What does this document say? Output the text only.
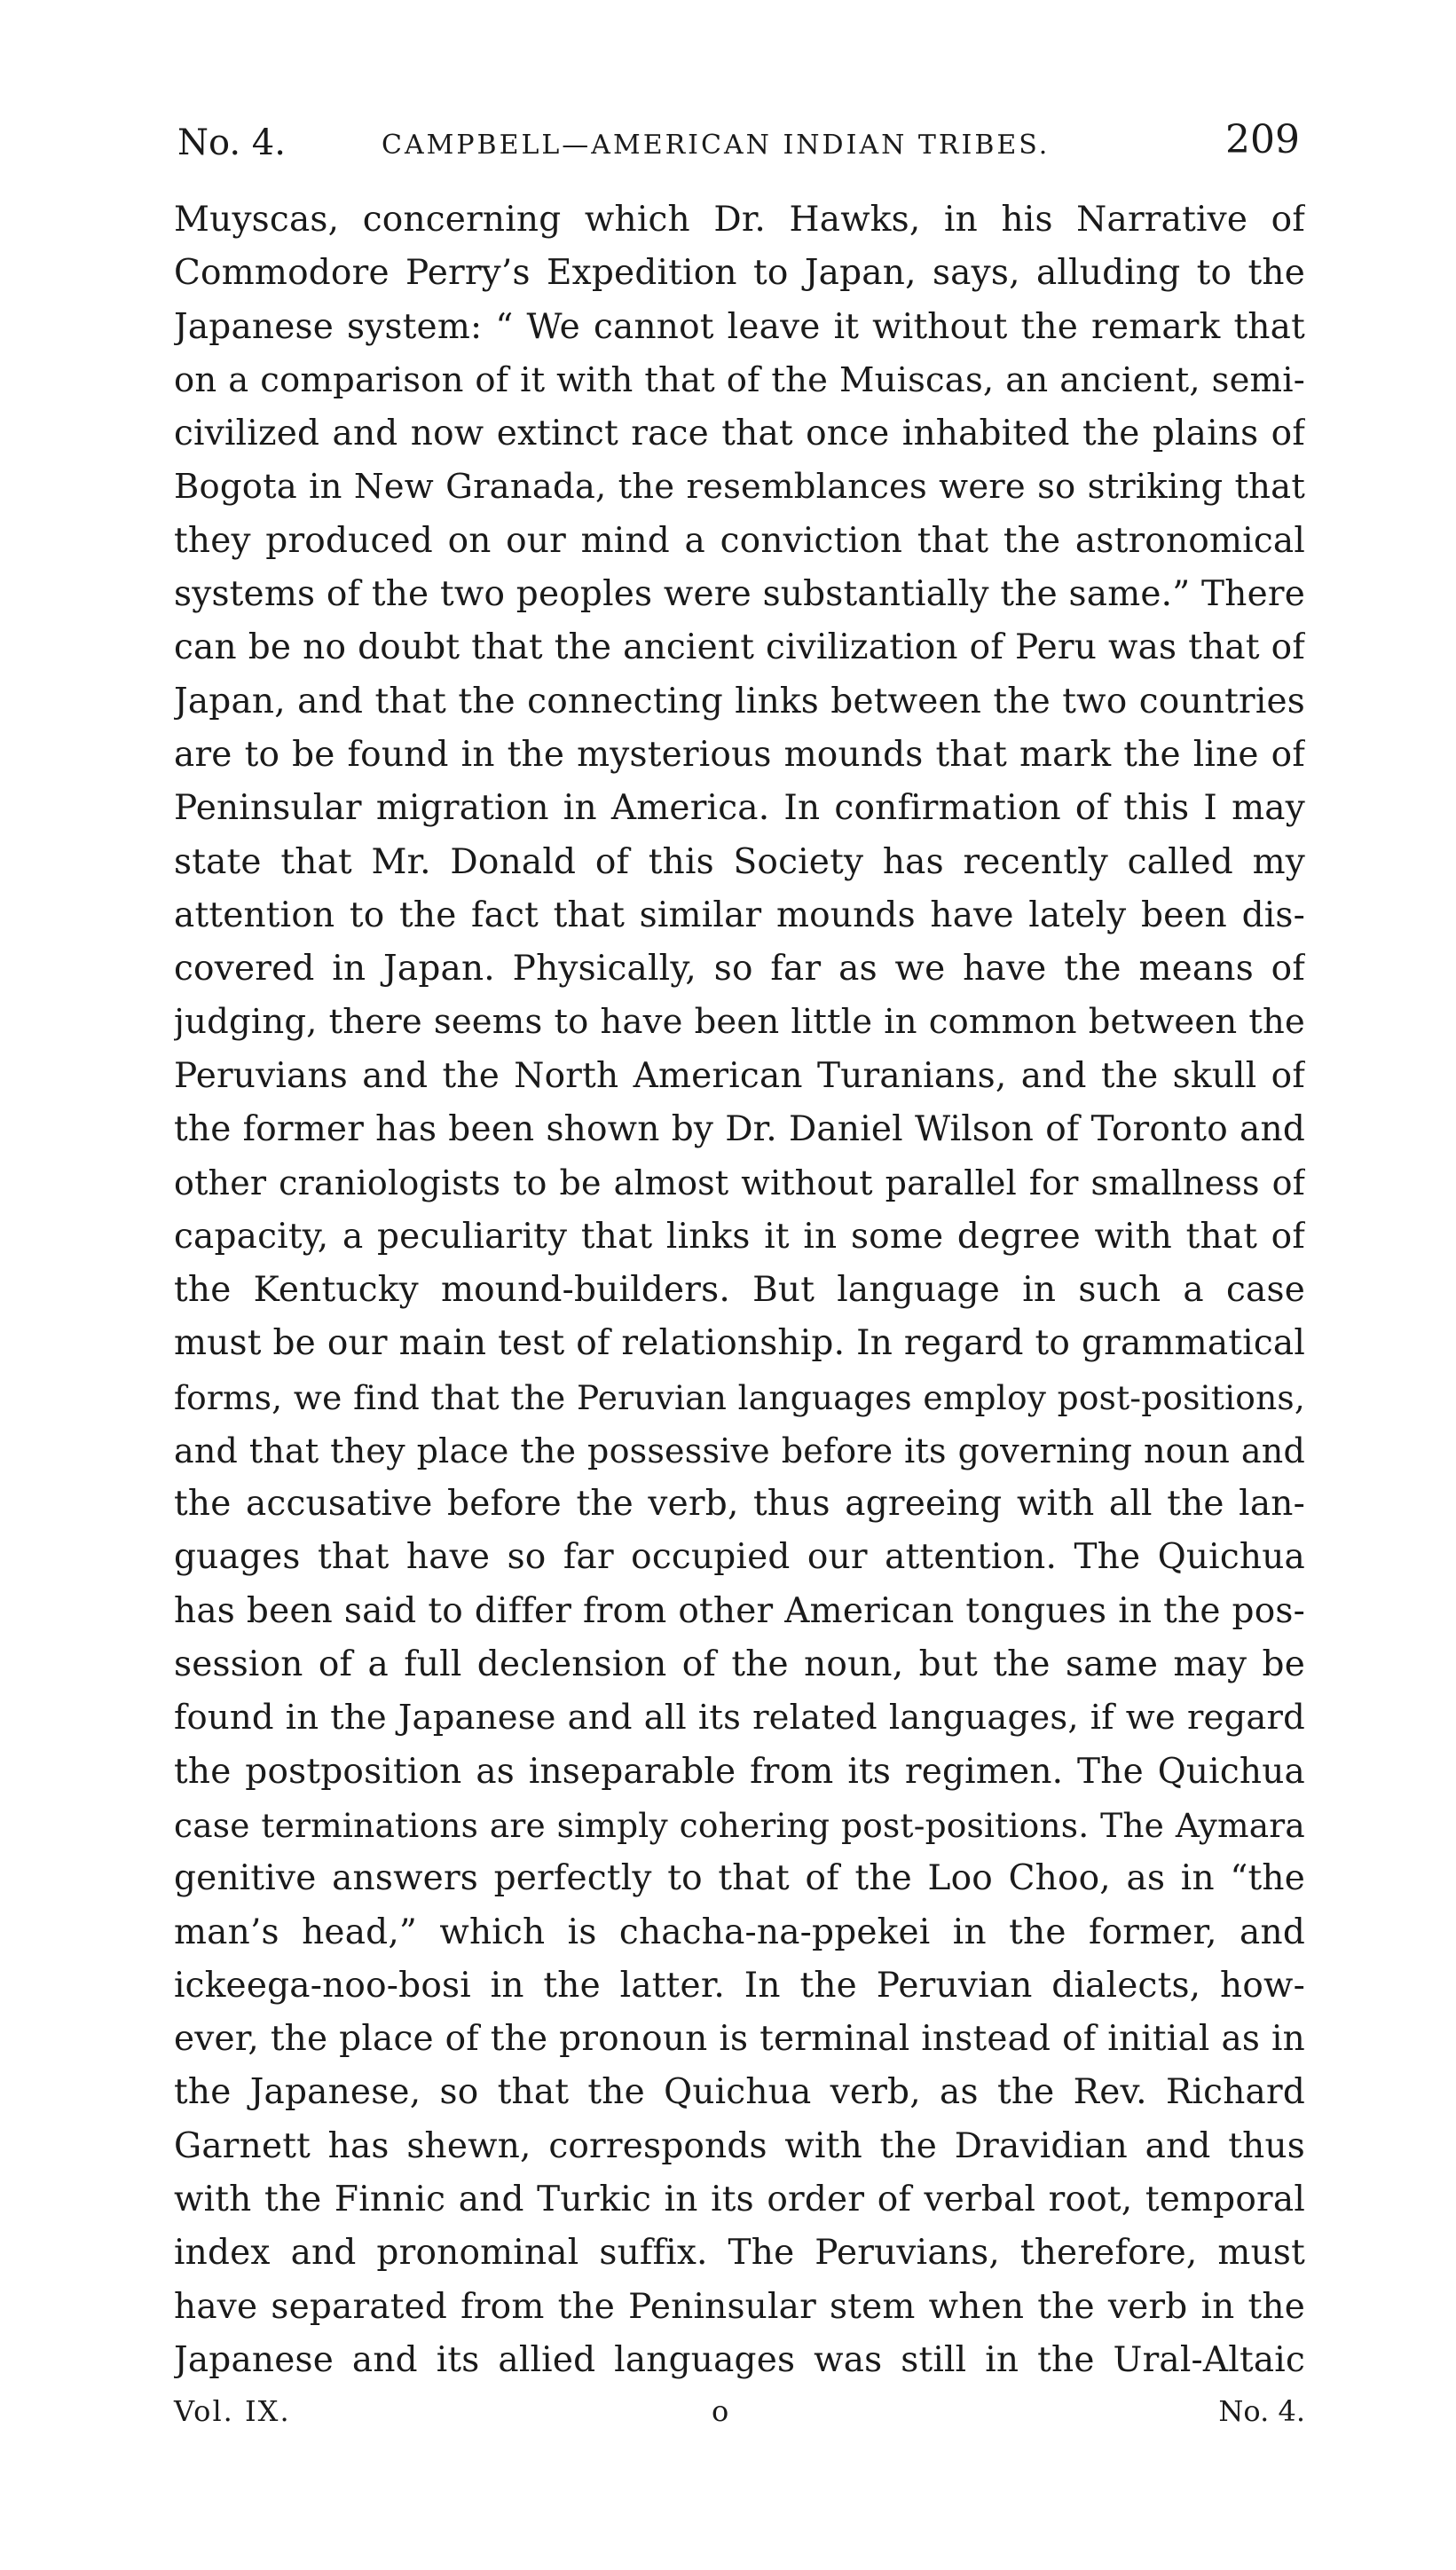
No. 4.	CAMPBELL—AMERICAN INDIAN TRIBES.	209
Muyscas, concerning which Dr. Hawks, in his Narrative of
Commodore Perry’s Expedition to Japan, says, alluding to the
Japanese system: “ We cannot leave it without the remark that
on a comparison of it with that of the Muiscas, an ancient, semi-
civilized and now extinct race that once inhabited the plains of
Bogota in New Granada, the resemblances were so striking that
they produced on our mind a conviction that the astronomical
systems of the two peoples were substantially the same.” There
can be no doubt that the ancient civilization of Peru was that of
Japan, and that the connecting links between the two countries
are to be found in the mysterious mounds that mark the line of
Peninsular migration in America. In confirmation of this I may
state that Mr. Donald of this Society has recently called my
attention to the fact that similar mounds have lately been dis-
covered in Japan. Physically, so far as we have the means of
judging, there seems to have been little in common between the
Peruvians and the North American Turanians, and the skull of
the former has been shown by Dr. Daniel Wilson of Toronto and
other craniologists to be almost without parallel for smallness of
capacity, a peculiarity that links it in some degree with that of
the Kentucky mound-builders. But language in such a case
must be our main test of relationship. In regard to grammatical
forms, we find that the Peruvian languages employ post-positions,
and that they place the possessive before its governing noun and
the accusative before the verb, thus agreeing with all the lan-
guages that have so far occupied our attention. The Quichua
has been said to differ from other American tongues in the pos-
session of a full declension of the noun, but the same may be
found in the Japanese and all its related languages, if we regard
the postposition as inseparable from its regimen. The Quichua
case terminations are simply cohering post-positions. The Aymara
genitive answers perfectly to that of the Loo Choo, as in “the
man’s head,” which is chacha-na-ppekei in the former, and
ickeega-noo-bosi in the latter. In the Peruvian dialects, how-
ever, the place of the pronoun is terminal instead of initial as in
the Japanese, so that the Quichua verb, as the Rev. Richard
Garnett has shewn, corresponds with the Dravidian and thus
with the Finnic and Turkic in its order of verbal root, temporal
index and pronominal suffix. The Peruvians, therefore, must
have separated from the Peninsular stem when the verb in the
Japanese and its allied languages was still in the Ural-Altaic
Vol. IX.	o	No. 4.
